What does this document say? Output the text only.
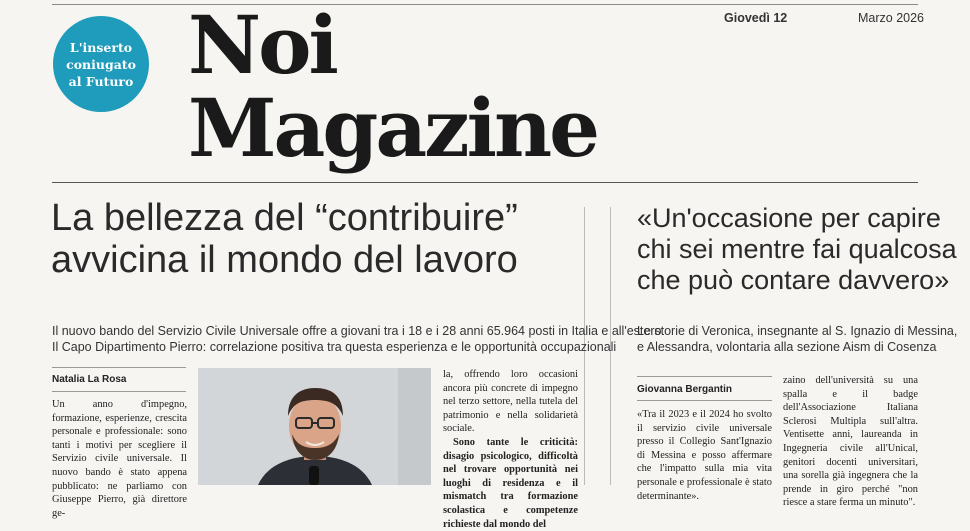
L'inserto
coniugato
al Futuro Noi
Magazine
Giovedì 12	Marzo 2026
La bellezza del “contribuire”
avvicina il mondo del lavoro
Il nuovo bando del Servizio Civile Universale offre a giovani tra i 18 e i 28 anni 65.964 posti in Italia e all'estero
Il Capo Dipartimento Pierro: correlazione positiva tra questa esperienza e le opportunità occupazionali
Natalia La Rosa

Un anno d'impegno, formazione, esperienze, crescita personale e professionale: sono tanti i motivi per scegliere il Servizio civile universale. Il nuovo bando è stato appena pubblicato: ne parliamo con Giuseppe Pierro, già direttore ge-

la, offrendo loro occasioni ancora più concrete di impegno nel terzo settore, nella tutela del patrimonio e nella solidarietà sociale.

Sono tante le criticità: disagio psicologico, difficoltà nel trovare opportunità nei luoghi di residenza e il mismatch tra formazione scolastica e competenze richieste dal mondo del

«Un'occasione per capire
chi sei mentre fai qualcosa
che può contare davvero»
Le storie di Veronica, insegnante al S. Ignazio di Messina,
e Alessandra, volontaria alla sezione Aism di Cosenza
Giovanna Bergantin

«Tra il 2023 e il 2024 ho svolto il servizio civile universale presso il Collegio Sant'Ignazio di Messina e posso affermare che l'impatto sulla mia vita personale e professionale è stato determinante».

zaino dell'università su una spalla e il badge dell'Associazione Italiana Sclerosi Multipla sull'altra. Ventisette anni, laureanda in Ingegneria civile all'Unical, genitori docenti universitari, una sorella già ingegnera che la prende in giro perché "non riesce a stare ferma un minuto".
